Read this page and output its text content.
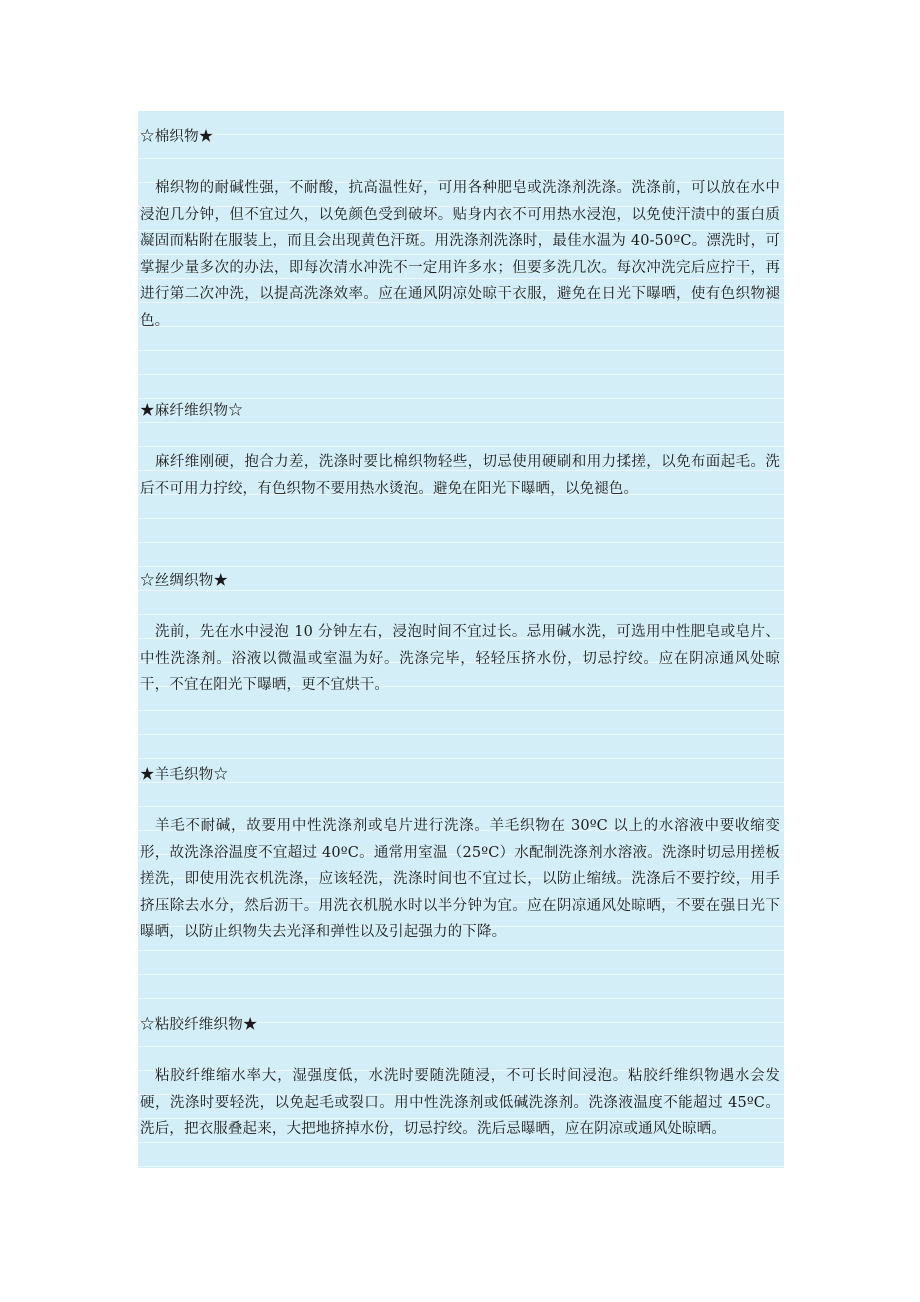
☆棉织物★

棉织物的耐碱性强，不耐酸，抗高温性好，可用各种肥皂或洗涤剂洗涤。洗涤前，可以放在水中浸泡几分钟，但不宜过久，以免颜色受到破坏。贴身内衣不可用热水浸泡，以免使汗渍中的蛋白质凝固而粘附在服装上，而且会出现黄色汗斑。用洗涤剂洗涤时，最佳水温为 40-50ºC。漂洗时，可掌握少量多次的办法，即每次清水冲洗不一定用许多水；但要多洗几次。每次冲洗完后应拧干，再进行第二次冲洗，以提高洗涤效率。应在通风阴凉处晾干衣服，避免在日光下曝晒，使有色织物褪色。

★麻纤维织物☆

麻纤维刚硬，抱合力差，洗涤时要比棉织物轻些，切忌使用硬刷和用力揉搓，以免布面起毛。洗后不可用力拧绞，有色织物不要用热水烫泡。避免在阳光下曝晒，以免褪色。

☆丝绸织物★

洗前，先在水中浸泡 10 分钟左右，浸泡时间不宜过长。忌用碱水洗，可选用中性肥皂或皂片、中性洗涤剂。浴液以微温或室温为好。洗涤完毕，轻轻压挤水份，切忌拧绞。应在阴凉通风处晾干，不宜在阳光下曝晒，更不宜烘干。

★羊毛织物☆

羊毛不耐碱，故要用中性洗涤剂或皂片进行洗涤。羊毛织物在 30ºC 以上的水溶液中要收缩变形，故洗涤浴温度不宜超过 40ºC。通常用室温（25ºC）水配制洗涤剂水溶液。洗涤时切忌用搓板搓洗，即使用洗衣机洗涤，应该轻洗，洗涤时间也不宜过长，以防止缩绒。洗涤后不要拧绞，用手挤压除去水分，然后沥干。用洗衣机脱水时以半分钟为宜。应在阴凉通风处晾晒，不要在强日光下曝晒，以防止织物失去光泽和弹性以及引起强力的下降。

☆粘胶纤维织物★

粘胶纤维缩水率大，湿强度低，水洗时要随洗随浸，不可长时间浸泡。粘胶纤维织物遇水会发硬，洗涤时要轻洗，以免起毛或裂口。用中性洗涤剂或低碱洗涤剂。洗涤液温度不能超过 45ºC。洗后，把衣服叠起来，大把地挤掉水份，切忌拧绞。洗后忌曝晒，应在阴凉或通风处晾晒。
